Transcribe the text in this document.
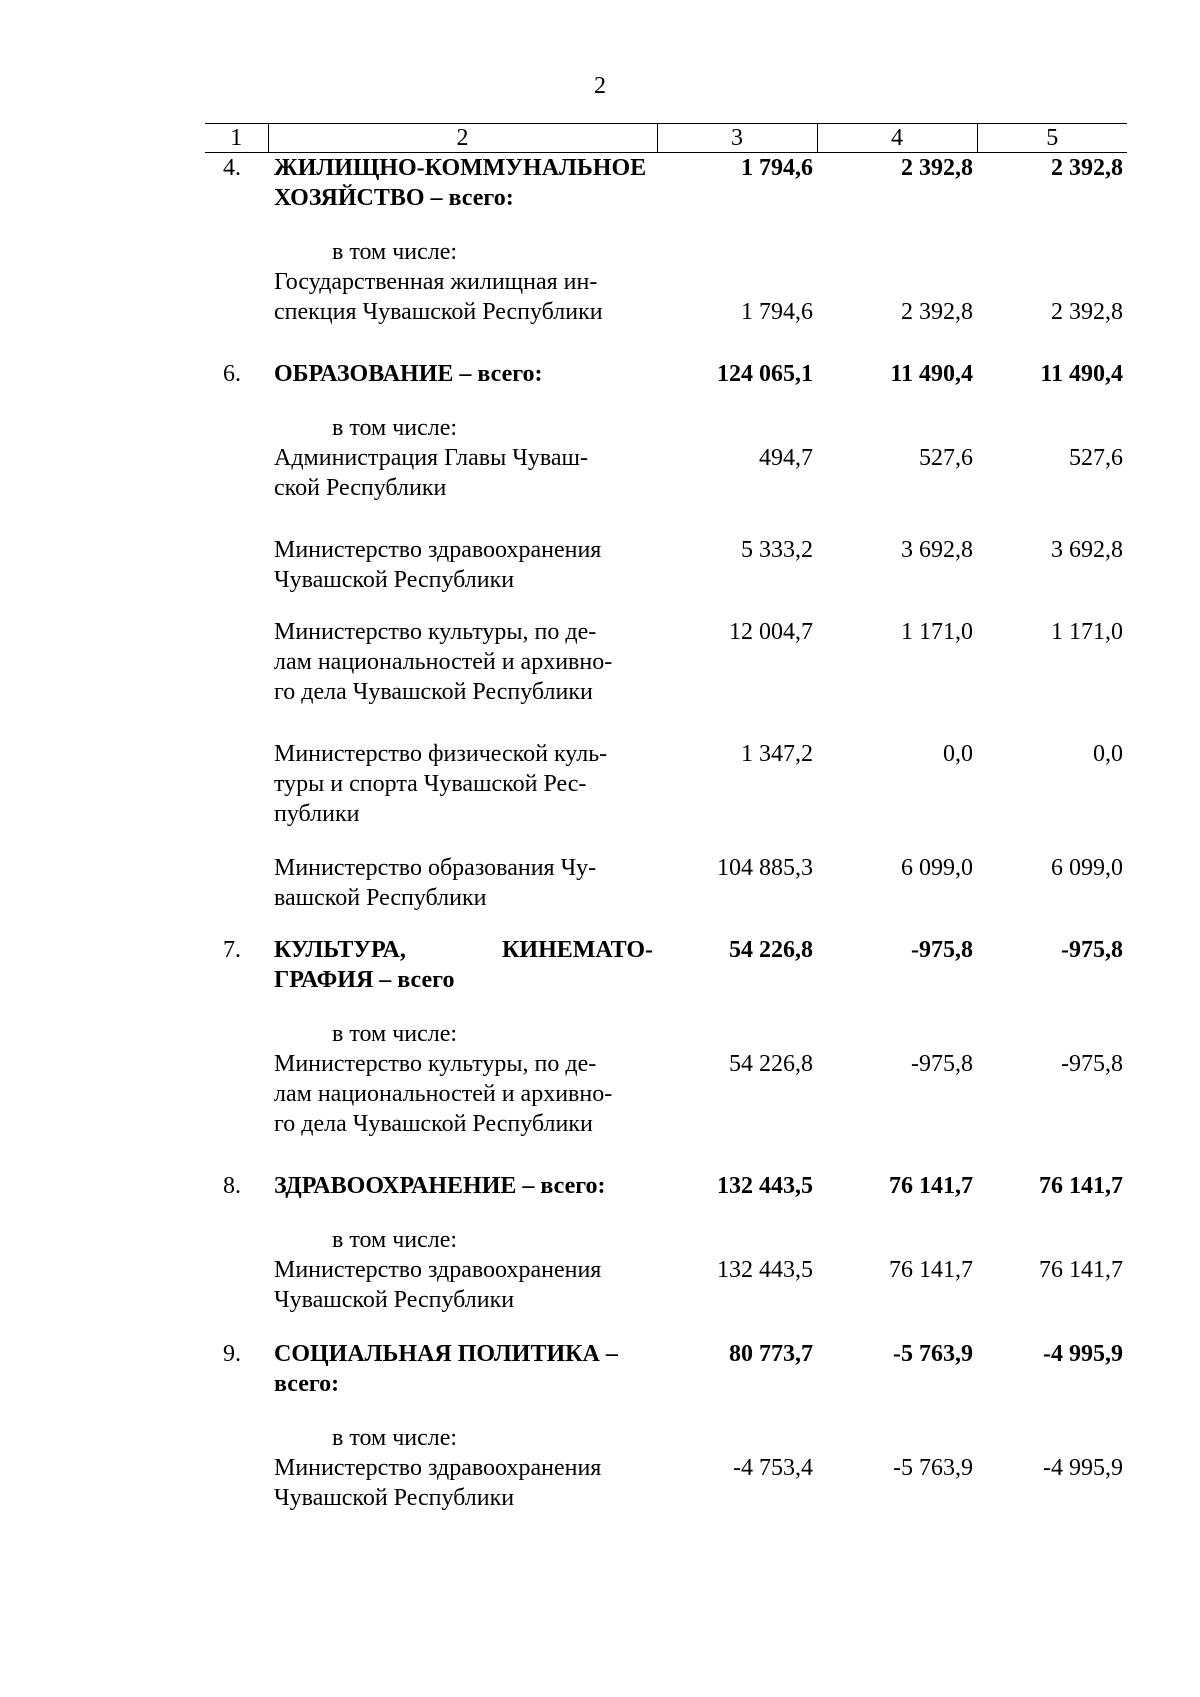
2
1	2	3	4	5
4.	ЖИЛИЩНО-КОММУНАЛЬНОЕ
ХОЗЯЙСТВО – всего:	1 794,6	2 392,8	2 392,8

	в том числе:
Государственная жилищная ин-
спекция Чувашской Республики	1 794,6	2 392,8	2 392,8

6.	ОБРАЗОВАНИЕ – всего:	124 065,1	11 490,4	11 490,4

	в том числе:			

	Администрация Главы Чуваш-
ской Республики	494,7	527,6	527,6

	Министерство здравоохранения
Чувашской Республики	5 333,2	3 692,8	3 692,8

	Министерство культуры, по де-
лам национальностей и архивно-
го дела Чувашской Республики	12 004,7	1 171,0	1 171,0

	Министерство физической куль-
туры и спорта Чувашской Рес-
публики	1 347,2	0,0	0,0

	Министерство образования Чу-
вашской Республики	104 885,3	6 099,0	6 099,0

7.	КУЛЬТУРА, КИНЕМАТО-
ГРАФИЯ – всего	54 226,8	-975,8	-975,8

	в том числе:			

	Министерство культуры, по де-
лам национальностей и архивно-
го дела Чувашской Республики	54 226,8	-975,8	-975,8

8.	ЗДРАВООХРАНЕНИЕ – всего:	132 443,5	76 141,7	76 141,7

	в том числе:			

	Министерство здравоохранения
Чувашской Республики	132 443,5	76 141,7	76 141,7

9.	СОЦИАЛЬНАЯ ПОЛИТИКА –
всего:	80 773,7	-5 763,9	-4 995,9

	в том числе:			

	Министерство здравоохранения
Чувашской Республики	-4 753,4	-5 763,9	-4 995,9
